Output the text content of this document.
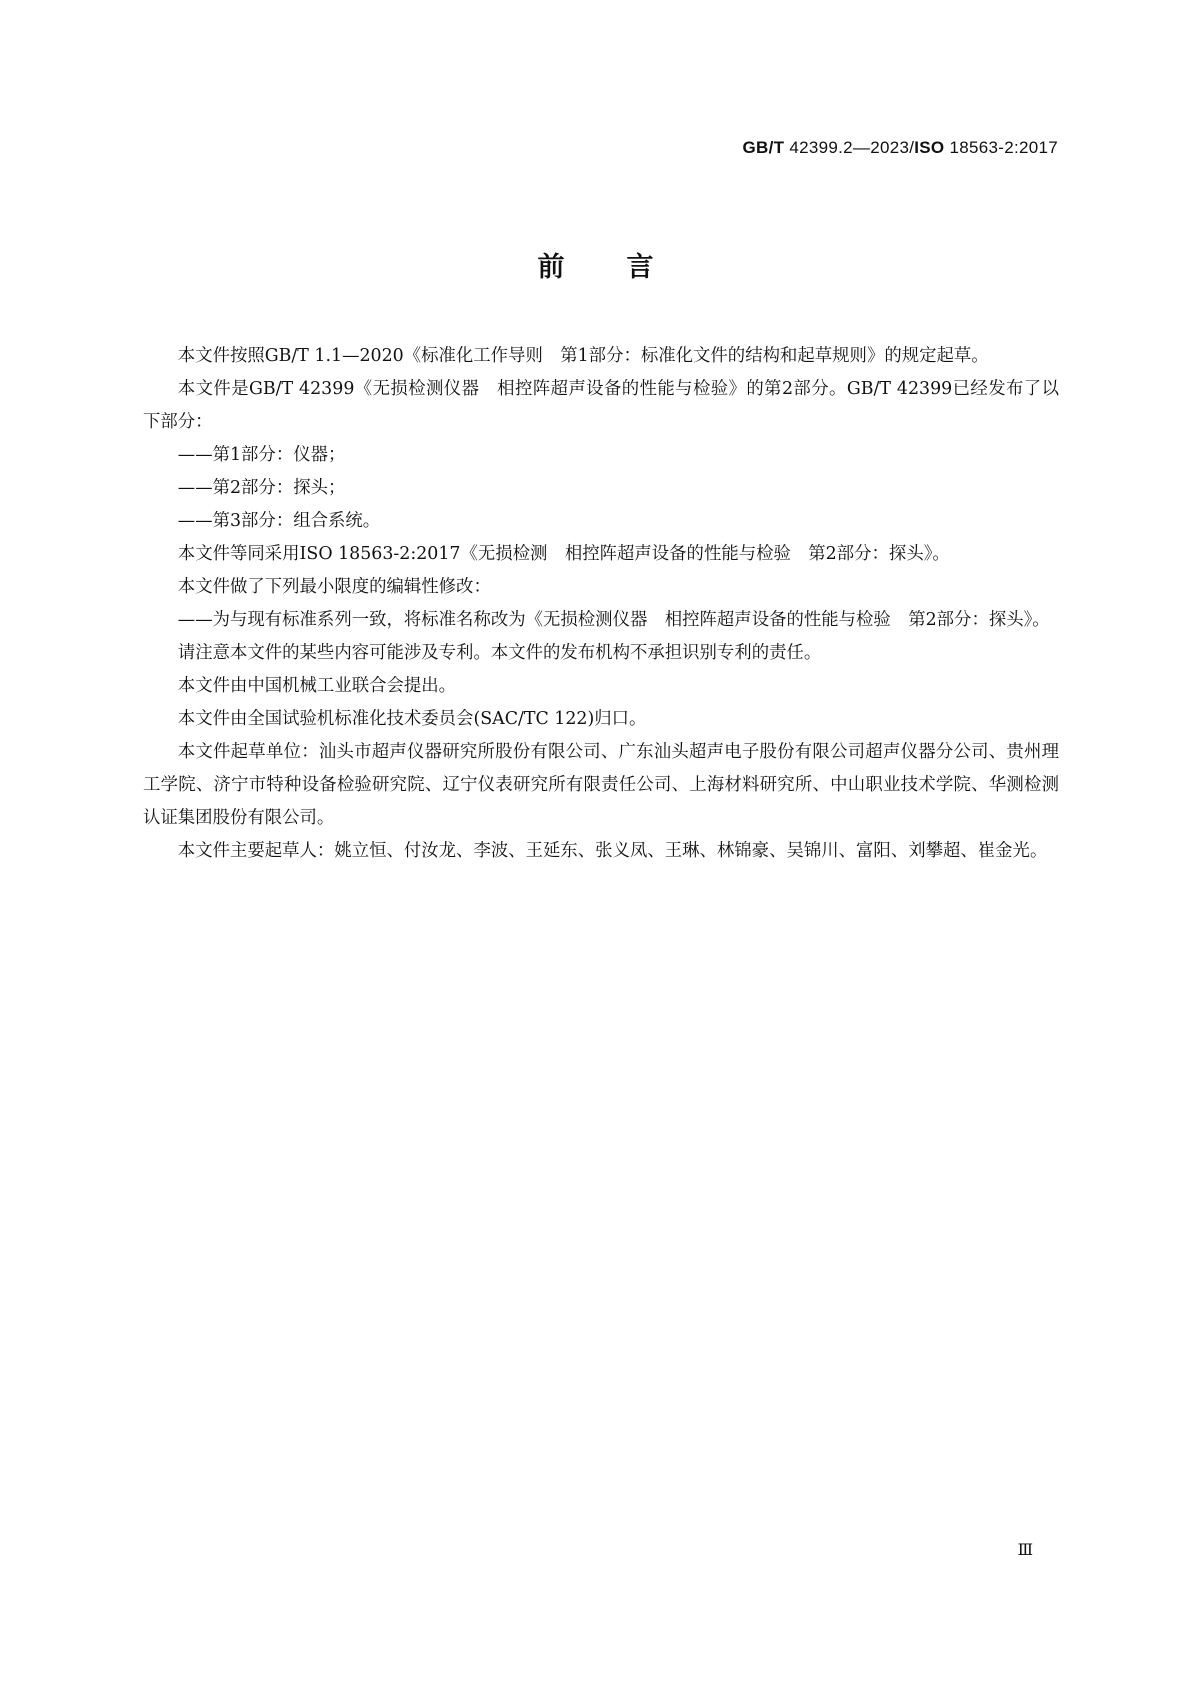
GB/T 42399.2—2023/ISO 18563-2:2017
前言

本文件按照GB/T 1.1—2020《标准化工作导则　第1部分：标准化文件的结构和起草规则》的规定起草。

本文件是GB/T 42399《无损检测仪器　相控阵超声设备的性能与检验》的第2部分。GB/T 42399已经发布了以下部分：

——第1部分：仪器；

——第2部分：探头；

——第3部分：组合系统。

本文件等同采用ISO 18563-2:2017《无损检测　相控阵超声设备的性能与检验　第2部分：探头》。

本文件做了下列最小限度的编辑性修改：

——为与现有标准系列一致，将标准名称改为《无损检测仪器　相控阵超声设备的性能与检验　第2部分：探头》。

请注意本文件的某些内容可能涉及专利。本文件的发布机构不承担识别专利的责任。

本文件由中国机械工业联合会提出。

本文件由全国试验机标准化技术委员会(SAC/TC 122)归口。

本文件起草单位：汕头市超声仪器研究所股份有限公司、广东汕头超声电子股份有限公司超声仪器分公司、贵州理工学院、济宁市特种设备检验研究院、辽宁仪表研究所有限责任公司、上海材料研究所、中山职业技术学院、华测检测认证集团股份有限公司。

本文件主要起草人：姚立恒、付汝龙、李波、王延东、张义凤、王琳、林锦豪、吴锦川、富阳、刘攀超、崔金光。

Ⅲ
